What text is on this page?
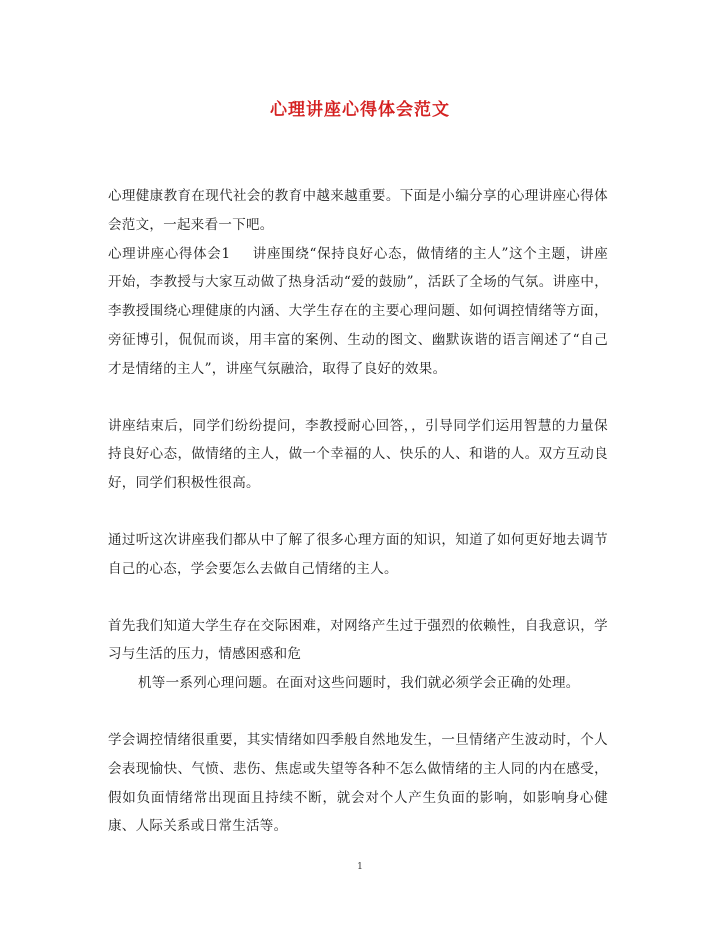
心理讲座心得体会范文

心理健康教育在现代社会的教育中越来越重要。下面是小编分享的心理讲座心得体会范文，一起来看一下吧。

心理讲座心得体会1 讲座围绕“保持良好心态，做情绪的主人”这个主题，讲座开始，李教授与大家互动做了热身活动“爱的鼓励”，活跃了全场的气氛。讲座中，李教授围绕心理健康的内涵、大学生存在的主要心理问题、如何调控情绪等方面，旁征博引，侃侃而谈，用丰富的案例、生动的图文、幽默诙谐的语言阐述了“自己才是情绪的主人”，讲座气氛融洽，取得了良好的效果。

讲座结束后，同学们纷纷提问，李教授耐心回答，，引导同学们运用智慧的力量保持良好心态，做情绪的主人，做一个幸福的人、快乐的人、和谐的人。双方互动良好，同学们积极性很高。

通过听这次讲座我们都从中了解了很多心理方面的知识，知道了如何更好地去调节自己的心态，学会要怎么去做自己情绪的主人。

首先我们知道大学生存在交际困难，对网络产生过于强烈的依赖性，自我意识，学习与生活的压力，情感困惑和危

机等一系列心理问题。在面对这些问题时，我们就必须学会正确的处理。

学会调控情绪很重要，其实情绪如四季般自然地发生，一旦情绪产生波动时，个人会表现愉快、气愤、悲伤、焦虑或失望等各种不怎么做情绪的主人同的内在感受，假如负面情绪常出现面且持续不断，就会对个人产生负面的影响，如影响身心健康、人际关系或日常生活等。

1
